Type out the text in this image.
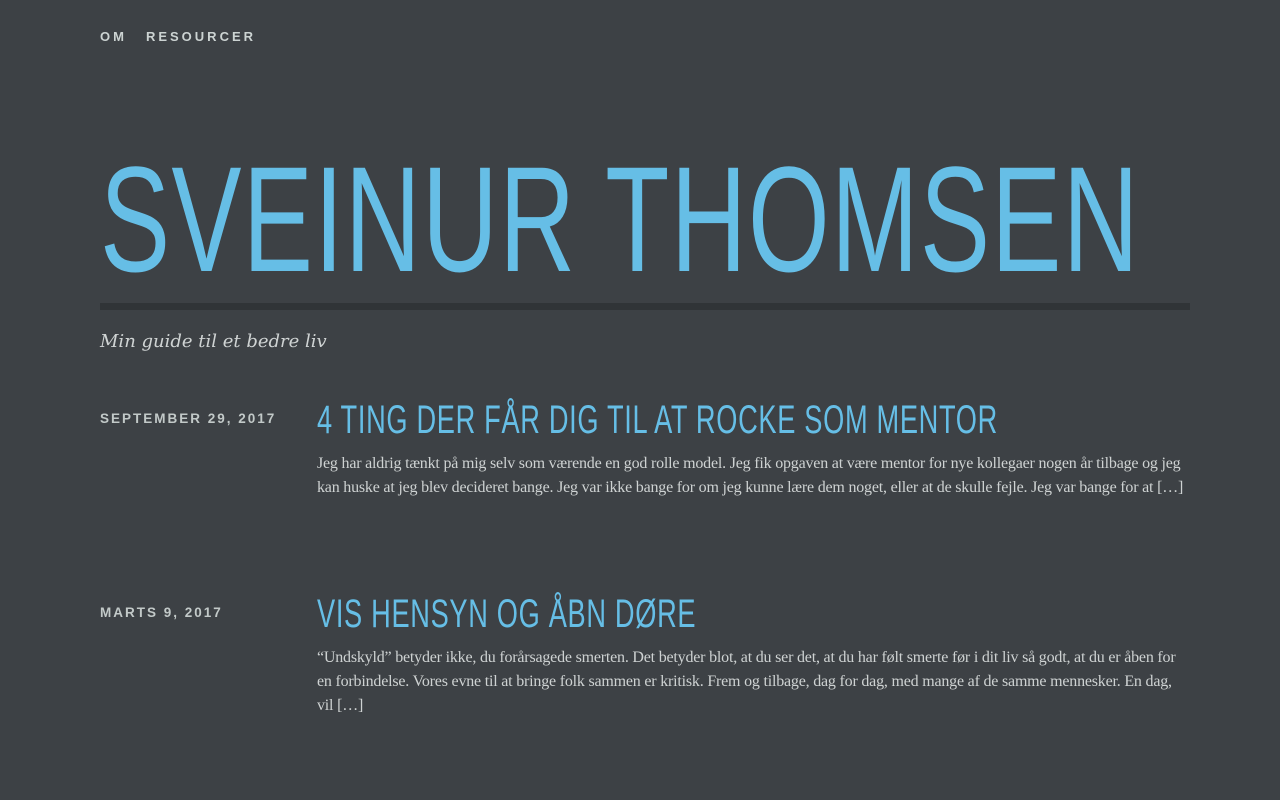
OM RESOURCER
SVEINUR THOMSEN

Min guide til et bedre liv

SEPTEMBER 29, 2017 4 TING DER FÅR DIG TIL AT ROCKE SOM MENTOR

Jeg har aldrig tænkt på mig selv som værende en god rolle model. Jeg fik opgaven at være mentor for nye kollegaer nogen år tilbage og jeg kan huske at jeg blev decideret bange. Jeg var ikke bange for om jeg kunne lære dem noget, eller at de skulle fejle. Jeg var bange for at […]

MARTS 9, 2017	VIS HENSYN OG ÅBN DØRE

“Undskyld” betyder ikke, du forårsagede smerten. Det betyder blot, at du ser det, at du har følt smerte før i dit liv så godt, at du er åben for en forbindelse. Vores evne til at bringe folk sammen er kritisk. Frem og tilbage, dag for dag, med mange af de samme mennesker. En dag, vil […]
